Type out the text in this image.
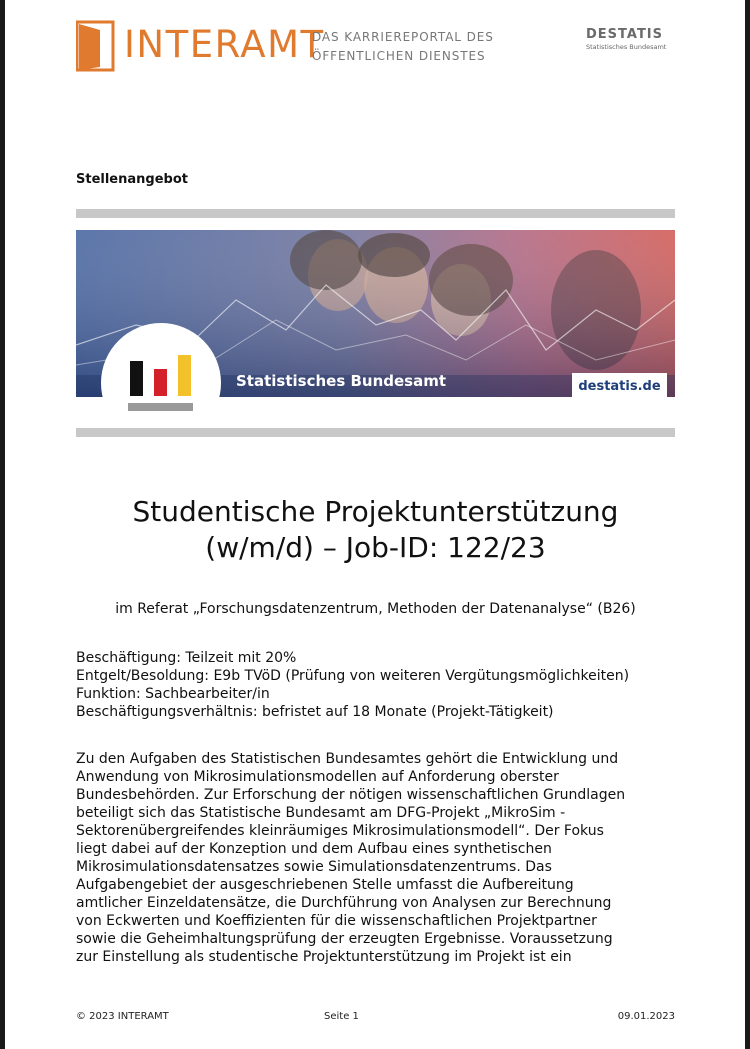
INTERAMT
DAS KARRIEREPORTAL DES
ÖFFENTLICHEN DIENSTES
DESTATIS
Statistisches Bundesamt
Stellenangebot
Statistisches Bundesamt	destatis.de
Studentische Projektunterstützung
(w/m/d) – Job-ID: 122/23
im Referat „Forschungsdatenzentrum, Methoden der Datenanalyse“ (B26)
Beschäftigung: Teilzeit mit 20%
Entgelt/Besoldung: E9b TVöD (Prüfung von weiteren Vergütungsmöglichkeiten)
Funktion: Sachbearbeiter/in
Beschäftigungsverhältnis: befristet auf 18 Monate (Projekt-Tätigkeit)
Zu den Aufgaben des Statistischen Bundesamtes gehört die Entwicklung und
Anwendung von Mikrosimulationsmodellen auf Anforderung oberster
Bundesbehörden. Zur Erforschung der nötigen wissenschaftlichen Grundlagen
beteiligt sich das Statistische Bundesamt am DFG-Projekt „MikroSim -
Sektorenübergreifendes kleinräumiges Mikrosimulationsmodell“. Der Fokus
liegt dabei auf der Konzeption und dem Aufbau eines synthetischen
Mikrosimulationsdatensatzes sowie Simulationsdatenzentrums. Das
Aufgabengebiet der ausgeschriebenen Stelle umfasst die Aufbereitung
amtlicher Einzeldatensätze, die Durchführung von Analysen zur Berechnung
von Eckwerten und Koeffizienten für die wissenschaftlichen Projektpartner
sowie die Geheimhaltungsprüfung der erzeugten Ergebnisse. Voraussetzung
zur Einstellung als studentische Projektunterstützung im Projekt ist ein
© 2023 INTERAMT	Seite 1	09.01.2023
